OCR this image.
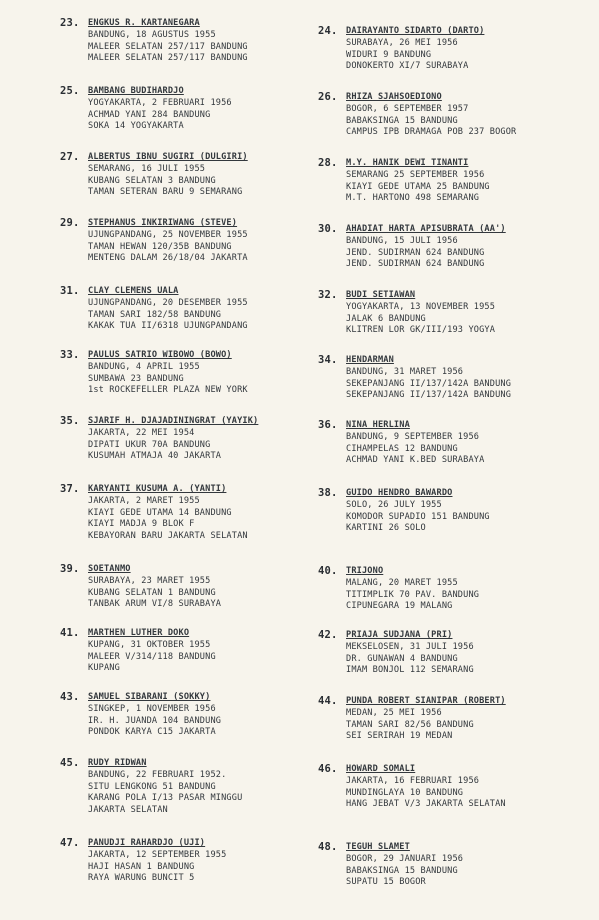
23. ENGKUS R. KARTANEGARA
BANDUNG, 18 AGUSTUS 1955
MALEER SELATAN 257/117 BANDUNG
MALEER SELATAN 257/117 BANDUNG
24. DAIRAYANTO SIDARTO (DARTO)
SURABAYA, 26 MEI 1956
WIDURI 9 BANDUNG
DONOKERTO XI/7 SURABAYA
25. BAMBANG BUDIHARDJO
YOGYAKARTA, 2 FEBRUARI 1956
ACHMAD YANI 284 BANDUNG
SOKA 14 YOGYAKARTA
26. RHIZA SJAHSOEDIONO
BOGOR, 6 SEPTEMBER 1957
BABAKSINGA 15 BANDUNG
CAMPUS IPB DRAMAGA POB 237 BOGOR
27. ALBERTUS IBNU SUGIRI (DULGIRI)
SEMARANG, 16 JULI 1955
KUBANG SELATAN 3 BANDUNG
TAMAN SETERAN BARU 9 SEMARANG
28. M.Y. HANIK DEWI TINANTI
SEMARANG 25 SEPTEMBER 1956
KIAYI GEDE UTAMA 25 BANDUNG
M.T. HARTONO 498 SEMARANG
29. STEPHANUS INKIRIWANG (STEVE)
UJUNGPANDANG, 25 NOVEMBER 1955
TAMAN HEWAN 120/35B BANDUNG
MENTENG DALAM 26/18/04 JAKARTA
30. AHADIAT HARTA APISUBRATA (AA')
BANDUNG, 15 JULI 1956
JEND. SUDIRMAN 624 BANDUNG
JEND. SUDIRMAN 624 BANDUNG
31. CLAY CLEMENS UALA
UJUNGPANDANG, 20 DESEMBER 1955
TAMAN SARI 182/58 BANDUNG
KAKAK TUA II/6318 UJUNGPANDANG
32. BUDI SETIAWAN
YOGYAKARTA, 13 NOVEMBER 1955
JALAK 6 BANDUNG
KLITREN LOR GK/III/193 YOGYA
33. PAULUS SATRIO WIBOWO (BOWO)
BANDUNG, 4 APRIL 1955
SUMBAWA 23 BANDUNG
1st ROCKEFELLER PLAZA NEW YORK
34. HENDARMAN
BANDUNG, 31 MARET 1956
SEKEPANJANG II/137/142A BANDUNG
SEKEPANJANG II/137/142A BANDUNG
35. SJARIF H. DJAJADININGRAT (YAYIK)
JAKARTA, 22 MEI 1954
DIPATI UKUR 70A BANDUNG
KUSUMAH ATMAJA 40 JAKARTA
36. NINA HERLINA
BANDUNG, 9 SEPTEMBER 1956
CIHAMPELAS 12 BANDUNG
ACHMAD YANI K.BED SURABAYA
37. KARYANTI KUSUMA A. (YANTI)
JAKARTA, 2 MARET 1955
KIAYI GEDE UTAMA 14 BANDUNG
KIAYI MADJA 9 BLOK F
KEBAYORAN BARU JAKARTA SELATAN
38. GUIDO HENDRO BAWARDO
SOLO, 26 JULY 1955
KOMODOR SUPADIO 151 BANDUNG
KARTINI 26 SOLO
39. SOETANMO
SURABAYA, 23 MARET 1955
KUBANG SELATAN 1 BANDUNG
TANBAK ARUM VI/8 SURABAYA
40. TRIJONO
MALANG, 20 MARET 1955
TITIMPLIK 70 PAV. BANDUNG
CIPUNEGARA 19 MALANG
41. MARTHEN LUTHER DOKO
KUPANG, 31 OKTOBER 1955
MALEER V/314/118 BANDUNG
KUPANG
42. PRIAJA SUDJANA (PRI)
MEKSELOSEN, 31 JULI 1956
DR. GUNAWAN 4 BANDUNG
IMAM BONJOL 112 SEMARANG
43. SAMUEL SIBARANI (SOKKY)
SINGKEP, 1 NOVEMBER 1956
IR. H. JUANDA 104 BANDUNG
PONDOK KARYA C15 JAKARTA
44. PUNDA ROBERT SIANIPAR (ROBERT)
MEDAN, 25 MEI 1956
TAMAN SARI 82/56 BANDUNG
SEI SERIRAH 19 MEDAN
45. RUDY RIDWAN
BANDUNG, 22 FEBRUARI 1952.
SITU LENGKONG 51 BANDUNG
KARANG POLA I/13 PASAR MINGGU
JAKARTA SELATAN
46. HOWARD SOMALI
JAKARTA, 16 FEBRUARI 1956
MUNDINGLAYA 10 BANDUNG
HANG JEBAT V/3 JAKARTA SELATAN
47. PANUDJI RAHARDJO (UJI)
JAKARTA, 12 SEPTEMBER 1955
HAJI HASAN 1 BANDUNG
RAYA WARUNG BUNCIT 5
48. TEGUH SLAMET
BOGOR, 29 JANUARI 1956
BABAKSINGA 15 BANDUNG
SUPATU 15 BOGOR
